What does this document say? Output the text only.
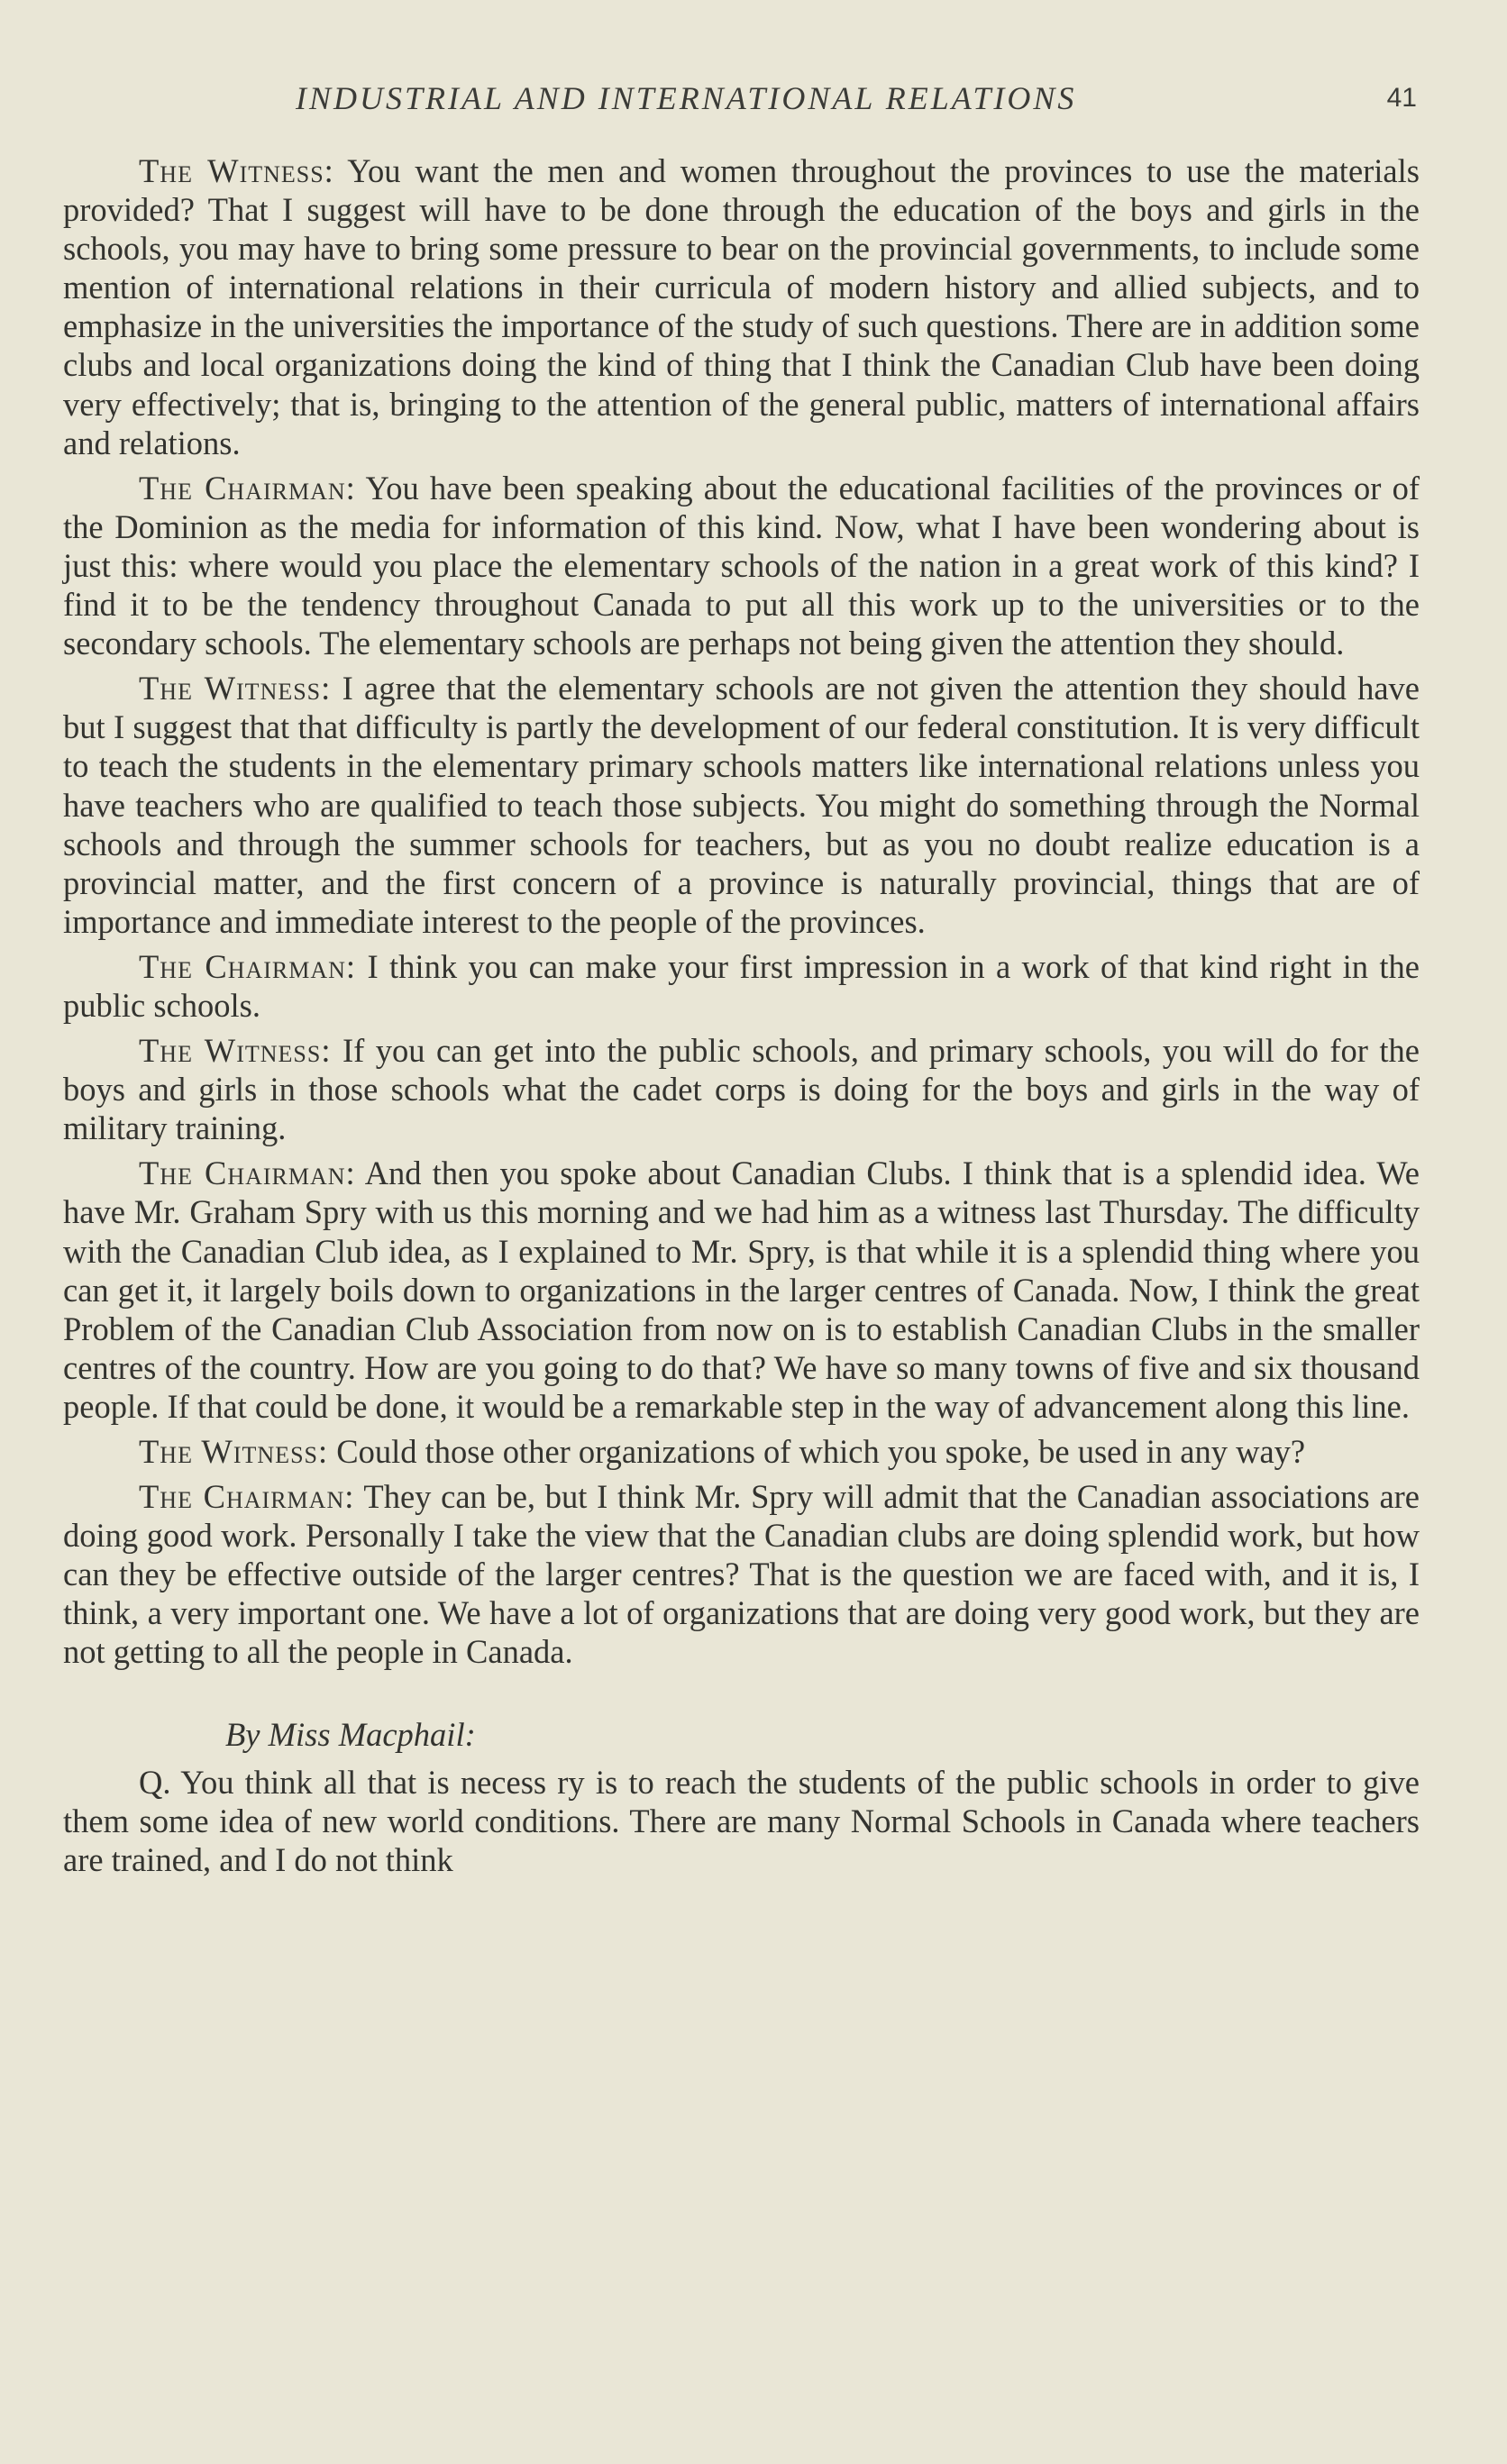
INDUSTRIAL AND INTERNATIONAL RELATIONS	41

The Witness: You want the men and women throughout the provinces to use the materials provided? That I suggest will have to be done through the education of the boys and girls in the schools, you may have to bring some pressure to bear on the provincial governments, to include some mention of international relations in their curricula of modern history and allied subjects, and to emphasize in the universities the importance of the study of such questions. There are in addition some clubs and local organizations doing the kind of thing that I think the Canadian Club have been doing very effectively; that is, bringing to the attention of the general public, matters of international affairs and relations.

The Chairman: You have been speaking about the educational facilities of the provinces or of the Dominion as the media for information of this kind. Now, what I have been wondering about is just this: where would you place the elementary schools of the nation in a great work of this kind? I find it to be the tendency throughout Canada to put all this work up to the universities or to the secondary schools. The elementary schools are perhaps not being given the attention they should.

The Witness: I agree that the elementary schools are not given the attention they should have but I suggest that that difficulty is partly the development of our federal constitution. It is very difficult to teach the students in the elementary primary schools matters like international relations unless you have teachers who are qualified to teach those subjects. You might do something through the Normal schools and through the summer schools for teachers, but as you no doubt realize education is a provincial matter, and the first concern of a province is naturally provincial, things that are of importance and immediate interest to the people of the provinces.

The Chairman: I think you can make your first impression in a work of that kind right in the public schools.

The Witness: If you can get into the public schools, and primary schools, you will do for the boys and girls in those schools what the cadet corps is doing for the boys and girls in the way of military training.

The Chairman: And then you spoke about Canadian Clubs. I think that is a splendid idea. We have Mr. Graham Spry with us this morning and we had him as a witness last Thursday. The difficulty with the Canadian Club idea, as I explained to Mr. Spry, is that while it is a splendid thing where you can get it, it largely boils down to organizations in the larger centres of Canada. Now, I think the great Problem of the Canadian Club Association from now on is to establish Canadian Clubs in the smaller centres of the country. How are you going to do that? We have so many towns of five and six thousand people. If that could be done, it would be a remarkable step in the way of advancement along this line.

The Witness: Could those other organizations of which you spoke, be used in any way?

The Chairman: They can be, but I think Mr. Spry will admit that the Canadian associations are doing good work. Personally I take the view that the Canadian clubs are doing splendid work, but how can they be effective outside of the larger centres? That is the question we are faced with, and it is, I think, a very important one. We have a lot of organizations that are doing very good work, but they are not getting to all the people in Canada.

By Miss Macphail:

Q. You think all that is necess ry is to reach the students of the public schools in order to give them some idea of new world conditions. There are many Normal Schools in Canada where teachers are trained, and I do not think
